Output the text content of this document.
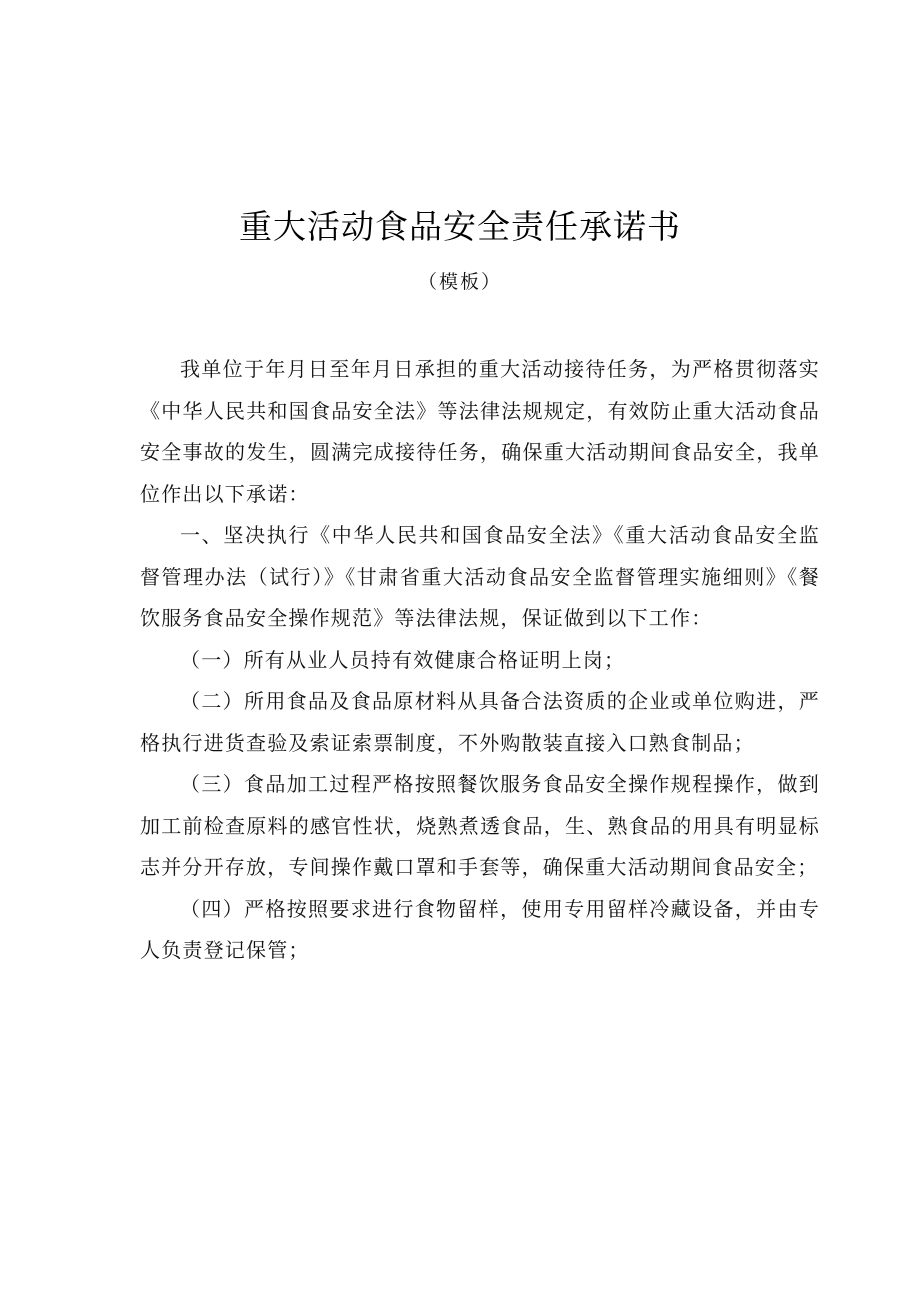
重大活动食品安全责任承诺书
（模板）

我单位于年月日至年月日承担的重大活动接待任务，为严格贯彻落实《中华人民共和国食品安全法》等法律法规规定，有效防止重大活动食品安全事故的发生，圆满完成接待任务，确保重大活动期间食品安全，我单位作出以下承诺：

一、坚决执行《中华人民共和国食品安全法》《重大活动食品安全监督管理办法（试行）》《甘肃省重大活动食品安全监督管理实施细则》《餐饮服务食品安全操作规范》等法律法规，保证做到以下工作：

（一）所有从业人员持有效健康合格证明上岗；

（二）所用食品及食品原材料从具备合法资质的企业或单位购进，严格执行进货查验及索证索票制度，不外购散装直接入口熟食制品；

（三）食品加工过程严格按照餐饮服务食品安全操作规程操作，做到加工前检查原料的感官性状，烧熟煮透食品，生、熟食品的用具有明显标志并分开存放，专间操作戴口罩和手套等，确保重大活动期间食品安全；

（四）严格按照要求进行食物留样，使用专用留样冷藏设备，并由专人负责登记保管；
